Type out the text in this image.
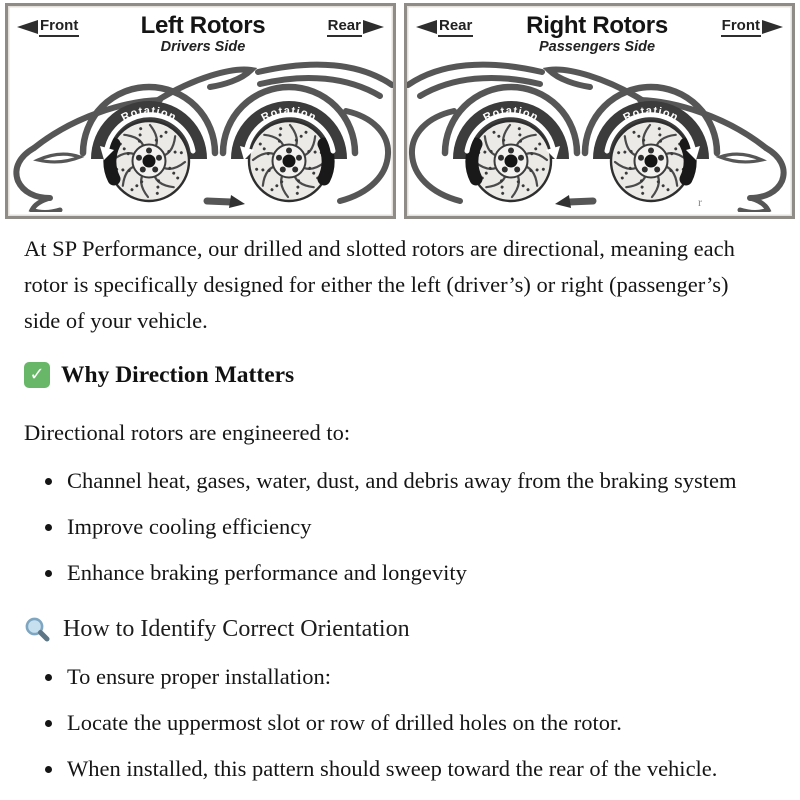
Front	Left Rotors
Drivers Side
Rear
Rotation	Rotation
Rear Right Rotors
Passengers Side
Front
Rotation	Rotation
r

At SP Performance, our drilled and slotted rotors are directional, meaning each rotor is specifically designed for either the left (driver’s) or right (passenger’s) side of your vehicle.

✓ Why Direction Matters

Directional rotors are engineered to:

• Channel heat, gases, water, dust, and debris away from the braking system
• Improve cooling efficiency
• Enhance braking performance and longevity
How to Identify Correct Orientation
• To ensure proper installation:
• Locate the uppermost slot or row of drilled holes on the rotor.
• When installed, this pattern should sweep toward the rear of the vehicle.
